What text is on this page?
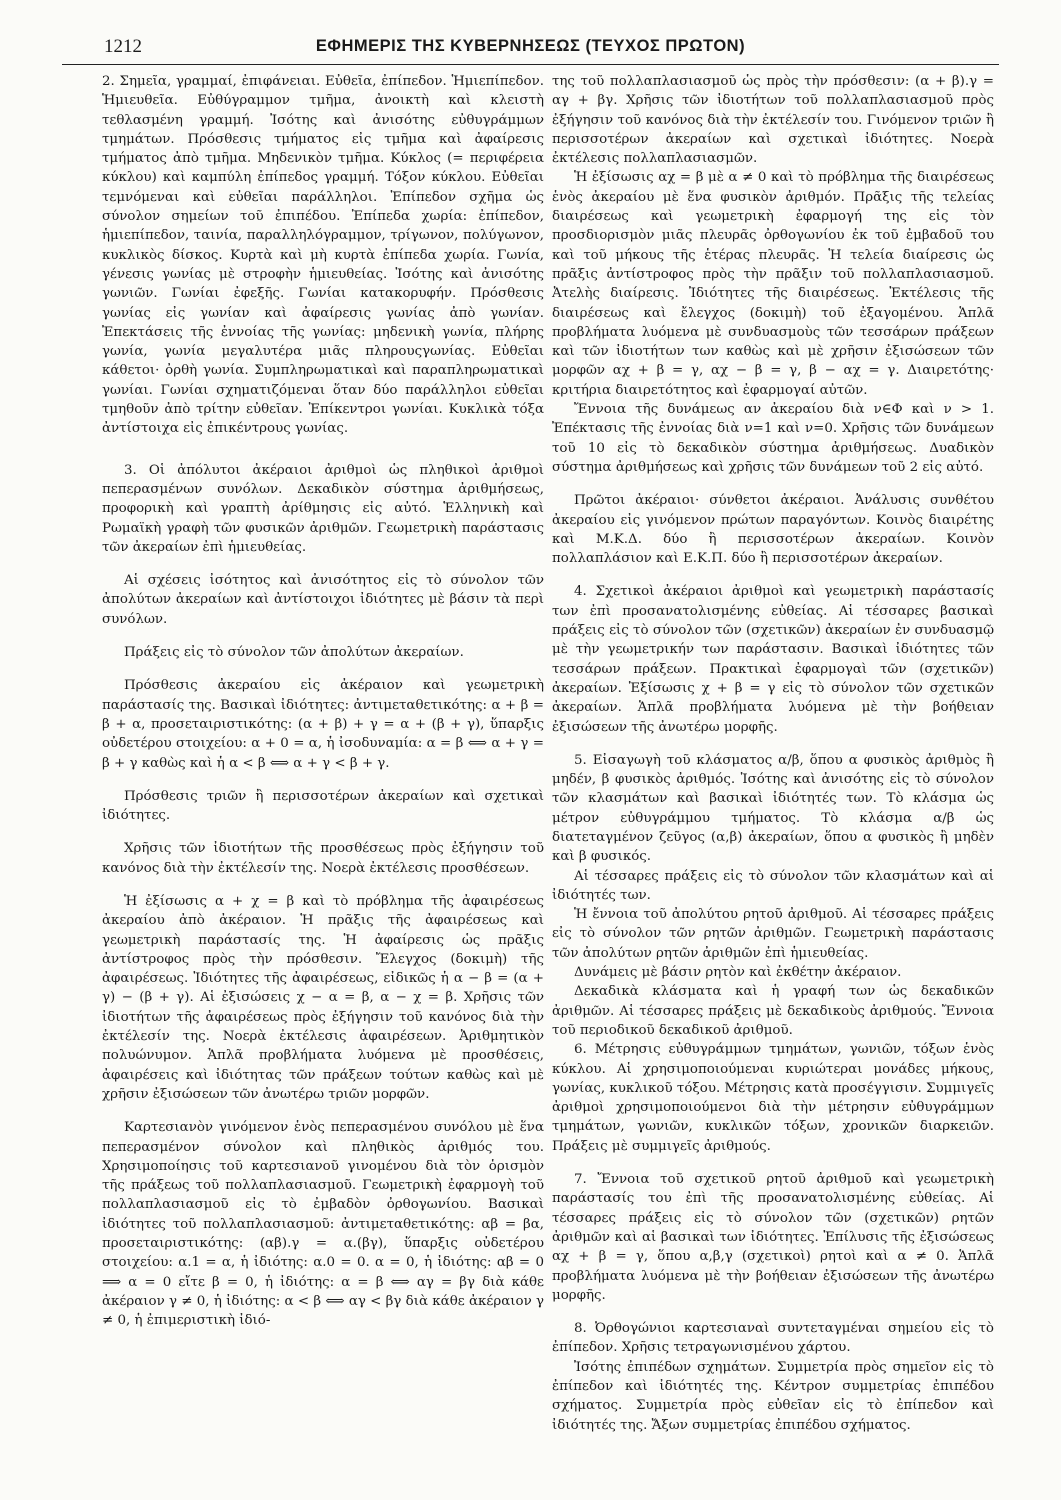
1212	ΕΦΗΜΕΡΙΣ ΤΗΣ ΚΥΒΕΡΝΗΣΕΩΣ (ΤΕΥΧΟΣ ΠΡΩΤΟΝ)

2. Σημεῖα, γραμμαί, ἐπιφάνειαι. Εὐθεῖα, ἐπίπεδον. Ἡμιεπίπεδον. Ἡμιευθεῖα. Εὐθύγραμμον τμῆμα, ἀνοικτὴ καὶ κλειστὴ τεθλασμένη γραμμή. Ἰσότης καὶ ἀνισότης εὐθυγράμμων τμημάτων. Πρόσθεσις τμήματος εἰς τμῆμα καὶ ἀφαίρεσις τμήματος ἀπὸ τμῆμα. Μηδενικὸν τμῆμα. Κύκλος (= περιφέρεια κύκλου) καὶ καμπύλη ἐπίπεδος γραμμή. Τόξον κύκλου. Εὐθεῖαι τεμνόμεναι καὶ εὐθεῖαι παράλληλοι. Ἐπίπεδον σχῆμα ὡς σύνολον σημείων τοῦ ἐπιπέδου. Ἐπίπεδα χωρία: ἐπίπεδον, ἡμιεπίπεδον, ταινία, παραλληλόγραμμον, τρίγωνον, πολύγωνον, κυκλικὸς δίσκος. Κυρτὰ καὶ μὴ κυρτὰ ἐπίπεδα χωρία. Γωνία, γένεσις γωνίας μὲ στροφὴν ἡμιευθείας. Ἰσότης καὶ ἀνισότης γωνιῶν. Γωνίαι ἐφεξῆς. Γωνίαι κατακορυφήν. Πρόσθεσις γωνίας εἰς γωνίαν καὶ ἀφαίρεσις γωνίας ἀπὸ γωνίαν. Ἐπεκτάσεις τῆς ἐννοίας τῆς γωνίας: μηδενικὴ γωνία, πλήρης γωνία, γωνία μεγαλυτέρα μιᾶς πληρουςγωνίας. Εὐθεῖαι κάθετοι· ὀρθὴ γωνία. Συμπληρωματικαὶ καὶ παραπληρωματικαὶ γωνίαι. Γωνίαι σχηματιζόμεναι ὅταν δύο παράλληλοι εὐθεῖαι τμηθοῦν ἀπὸ τρίτην εὐθεῖαν. Ἐπίκεντροι γωνίαι. Κυκλικὰ τόξα ἀντίστοιχα εἰς ἐπικέντρους γωνίας.

3. Οἱ ἀπόλυτοι ἀκέραιοι ἀριθμοὶ ὡς πληθικοὶ ἀριθμοὶ πεπερασμένων συνόλων. Δεκαδικὸν σύστημα ἀριθμήσεως, προφορικὴ καὶ γραπτὴ ἀρίθμησις εἰς αὐτό. Ἑλληνικὴ καὶ Ρωμαϊκὴ γραφὴ τῶν φυσικῶν ἀριθμῶν. Γεωμετρικὴ παράστασις τῶν ἀκεραίων ἐπὶ ἡμιευθείας.

Αἱ σχέσεις ἰσότητος καὶ ἀνισότητος εἰς τὸ σύνολον τῶν ἀπολύτων ἀκεραίων καὶ ἀντίστοιχοι ἰδιότητες μὲ βάσιν τὰ περὶ συνόλων.

Πράξεις εἰς τὸ σύνολον τῶν ἀπολύτων ἀκεραίων.

Πρόσθεσις ἀκεραίου εἰς ἀκέραιον καὶ γεωμετρικὴ παράστασίς της. Βασικαὶ ἰδιότητες: ἀντιμεταθετικότης: α + β = β + α, προσεταιριστικότης: (α + β) + γ = α + (β + γ), ὕπαρξις οὐδετέρου στοιχείου: α + 0 = α, ἡ ἰσοδυναμία: α = β ⟺ α + γ = β + γ καθὼς καὶ ἡ α < β ⟺ α + γ < β + γ.

Πρόσθεσις τριῶν ἢ περισσοτέρων ἀκεραίων καὶ σχετικαὶ ἰδιότητες.

Χρῆσις τῶν ἰδιοτήτων τῆς προσθέσεως πρὸς ἐξήγησιν τοῦ κανόνος διὰ τὴν ἐκτέλεσίν της. Νοερὰ ἐκτέλεσις προσθέσεων.

Ἡ ἐξίσωσις α + χ = β καὶ τὸ πρόβλημα τῆς ἀφαιρέσεως ἀκεραίου ἀπὸ ἀκέραιον. Ἡ πρᾶξις τῆς ἀφαιρέσεως καὶ γεωμετρικὴ παράστασίς της. Ἡ ἀφαίρεσις ὡς πρᾶξις ἀντίστροφος πρὸς τὴν πρόσθεσιν. Ἔλεγχος (δοκιμὴ) τῆς ἀφαιρέσεως. Ἰδιότητες τῆς ἀφαιρέσεως, εἰδικῶς ἡ α − β = (α + γ) − (β + γ). Αἱ ἐξισώσεις χ − α = β, α − χ = β. Χρῆσις τῶν ἰδιοτήτων τῆς ἀφαιρέσεως πρὸς ἐξήγησιν τοῦ κανόνος διὰ τὴν ἐκτέλεσίν της. Νοερὰ ἐκτέλεσις ἀφαιρέσεων. Ἀριθμητικὸν πολυώνυμον. Ἁπλᾶ προβλήματα λυόμενα μὲ προσθέσεις, ἀφαιρέσεις καὶ ἰδιότητας τῶν πράξεων τούτων καθὼς καὶ μὲ χρῆσιν ἐξισώσεων τῶν ἀνωτέρω τριῶν μορφῶν.

Καρτεσιανὸν γινόμενον ἑνὸς πεπερασμένου συνόλου μὲ ἕνα πεπερασμένον σύνολον καὶ πληθικὸς ἀριθμός του. Χρησιμοποίησις τοῦ καρτεσιανοῦ γινομένου διὰ τὸν ὁρισμὸν τῆς πράξεως τοῦ πολλαπλασιασμοῦ. Γεωμετρικὴ ἐφαρμογὴ τοῦ πολλαπλασιασμοῦ εἰς τὸ ἐμβαδὸν ὀρθογωνίου. Βασικαὶ ἰδιότητες τοῦ πολλαπλασιασμοῦ: ἀντιμεταθετικότης: αβ = βα, προσεταιριστικότης: (αβ).γ = α.(βγ), ὕπαρξις οὐδετέρου στοιχείου: α.1 = α, ἡ ἰδιότης: α.0 = 0. α = 0, ἡ ἰδιότης: αβ = 0 ⟹ α = 0 εἴτε β = 0, ἡ ἰδιότης: α = β ⟺ αγ = βγ διὰ κάθε ἀκέραιον γ ≠ 0, ἡ ἰδιότης: α < β ⟺ αγ < βγ διὰ κάθε ἀκέραιον γ ≠ 0, ἡ ἐπιμεριστικὴ ἰδιό-

της τοῦ πολλαπλασιασμοῦ ὡς πρὸς τὴν πρόσθεσιν: (α + β).γ = αγ + βγ. Χρῆσις τῶν ἰδιοτήτων τοῦ πολλαπλασιασμοῦ πρὸς ἐξήγησιν τοῦ κανόνος διὰ τὴν ἐκτέλεσίν του. Γινόμενον τριῶν ἢ περισσοτέρων ἀκεραίων καὶ σχετικαὶ ἰδιότητες. Νοερὰ ἐκτέλεσις πολλαπλασιασμῶν.

Ἡ ἐξίσωσις αχ = β μὲ α ≠ 0 καὶ τὸ πρόβλημα τῆς διαιρέσεως ἑνὸς ἀκεραίου μὲ ἕνα φυσικὸν ἀριθμόν. Πρᾶξις τῆς τελείας διαιρέσεως καὶ γεωμετρικὴ ἐφαρμογή της εἰς τὸν προσδιορισμὸν μιᾶς πλευρᾶς ὀρθογωνίου ἐκ τοῦ ἐμβαδοῦ του καὶ τοῦ μήκους τῆς ἑτέρας πλευρᾶς. Ἡ τελεία διαίρεσις ὡς πρᾶξις ἀντίστροφος πρὸς τὴν πρᾶξιν τοῦ πολλαπλασιασμοῦ. Ἀτελὴς διαίρεσις. Ἰδιότητες τῆς διαιρέσεως. Ἐκτέλεσις τῆς διαιρέσεως καὶ ἔλεγχος (δοκιμὴ) τοῦ ἐξαγομένου. Ἁπλᾶ προβλήματα λυόμενα μὲ συνδυασμοὺς τῶν τεσσάρων πράξεων καὶ τῶν ἰδιοτήτων των καθὼς καὶ μὲ χρῆσιν ἐξισώσεων τῶν μορφῶν αχ + β = γ, αχ − β = γ, β − αχ = γ. Διαιρετότης· κριτήρια διαιρετότητος καὶ ἐφαρμογαί αὐτῶν.

Ἔννοια τῆς δυνάμεως αν ἀκεραίου διὰ ν∈Φ καὶ ν > 1. Ἐπέκτασις τῆς ἐννοίας διὰ ν=1 καὶ ν=0. Χρῆσις τῶν δυνάμεων τοῦ 10 εἰς τὸ δεκαδικὸν σύστημα ἀριθμήσεως. Δυαδικὸν σύστημα ἀριθμήσεως καὶ χρῆσις τῶν δυνάμεων τοῦ 2 εἰς αὐτό.

Πρῶτοι ἀκέραιοι· σύνθετοι ἀκέραιοι. Ἀνάλυσις συνθέτου ἀκεραίου εἰς γινόμενον πρώτων παραγόντων. Κοινὸς διαιρέτης καὶ Μ.Κ.Δ. δύο ἢ περισσοτέρων ἀκεραίων. Κοινὸν πολλαπλάσιον καὶ Ε.Κ.Π. δύο ἢ περισσοτέρων ἀκεραίων.

4. Σχετικοὶ ἀκέραιοι ἀριθμοὶ καὶ γεωμετρικὴ παράστασίς των ἐπὶ προσανατολισμένης εὐθείας. Αἱ τέσσαρες βασικαὶ πράξεις εἰς τὸ σύνολον τῶν (σχετικῶν) ἀκεραίων ἐν συνδυασμῷ μὲ τὴν γεωμετρικήν των παράστασιν. Βασικαὶ ἰδιότητες τῶν τεσσάρων πράξεων. Πρακτικαὶ ἐφαρμογαὶ τῶν (σχετικῶν) ἀκεραίων. Ἐξίσωσις χ + β = γ εἰς τὸ σύνολον τῶν σχετικῶν ἀκεραίων. Ἁπλᾶ προβλήματα λυόμενα μὲ τὴν βοήθειαν ἐξισώσεων τῆς ἀνωτέρω μορφῆς.

5. Εἰσαγωγὴ τοῦ κλάσματος α/β, ὅπου α φυσικὸς ἀριθμὸς ἢ μηδέν, β φυσικὸς ἀριθμός. Ἰσότης καὶ ἀνισότης εἰς τὸ σύνολον τῶν κλασμάτων καὶ βασικαὶ ἰδιότητές των. Τὸ κλάσμα ὡς μέτρον εὐθυγράμμου τμήματος. Τὸ κλάσμα α/β ὡς διατεταγμένον ζεῦγος (α,β) ἀκεραίων, ὅπου α φυσικὸς ἢ μηδὲν καὶ β φυσικός.

Αἱ τέσσαρες πράξεις εἰς τὸ σύνολον τῶν κλασμάτων καὶ αἱ ἰδιότητές των.

Ἡ ἔννοια τοῦ ἀπολύτου ρητοῦ ἀριθμοῦ. Αἱ τέσσαρες πράξεις εἰς τὸ σύνολον τῶν ρητῶν ἀριθμῶν. Γεωμετρικὴ παράστασις τῶν ἀπολύτων ρητῶν ἀριθμῶν ἐπὶ ἡμιευθείας.

Δυνάμεις μὲ βάσιν ρητὸν καὶ ἐκθέτην ἀκέραιον.

Δεκαδικὰ κλάσματα καὶ ἡ γραφή των ὡς δεκαδικῶν ἀριθμῶν. Αἱ τέσσαρες πράξεις μὲ δεκαδικοὺς ἀριθμούς. Ἔννοια τοῦ περιοδικοῦ δεκαδικοῦ ἀριθμοῦ.

6. Μέτρησις εὐθυγράμμων τμημάτων, γωνιῶν, τόξων ἑνὸς κύκλου. Αἱ χρησιμοποιούμεναι κυριώτεραι μονάδες μήκους, γωνίας, κυκλικοῦ τόξου. Μέτρησις κατὰ προσέγγισιν. Συμμιγεῖς ἀριθμοὶ χρησιμοποιούμενοι διὰ τὴν μέτρησιν εὐθυγράμμων τμημάτων, γωνιῶν, κυκλικῶν τόξων, χρονικῶν διαρκειῶν. Πράξεις μὲ συμμιγεῖς ἀριθμούς.

7. Ἔννοια τοῦ σχετικοῦ ρητοῦ ἀριθμοῦ καὶ γεωμετρικὴ παράστασίς του ἐπὶ τῆς προσανατολισμένης εὐθείας. Αἱ τέσσαρες πράξεις εἰς τὸ σύνολον τῶν (σχετικῶν) ρητῶν ἀριθμῶν καὶ αἱ βασικαὶ των ἰδιότητες. Ἐπίλυσις τῆς ἐξισώσεως αχ + β = γ, ὅπου α,β,γ (σχετικοὶ) ρητοὶ καὶ α ≠ 0. Ἁπλᾶ προβλήματα λυόμενα μὲ τὴν βοήθειαν ἐξισώσεων τῆς ἀνωτέρω μορφῆς.

8. Ὀρθογώνιοι καρτεσιαναὶ συντεταγμέναι σημείου εἰς τὸ ἐπίπεδον. Χρῆσις τετραγωνισμένου χάρτου.

Ἰσότης ἐπιπέδων σχημάτων. Συμμετρία πρὸς σημεῖον εἰς τὸ ἐπίπεδον καὶ ἰδιότητές της. Κέντρον συμμετρίας ἐπιπέδου σχήματος. Συμμετρία πρὸς εὐθεῖαν εἰς τὸ ἐπίπεδον καὶ ἰδιότητές της. Ἄξων συμμετρίας ἐπιπέδου σχήματος.
